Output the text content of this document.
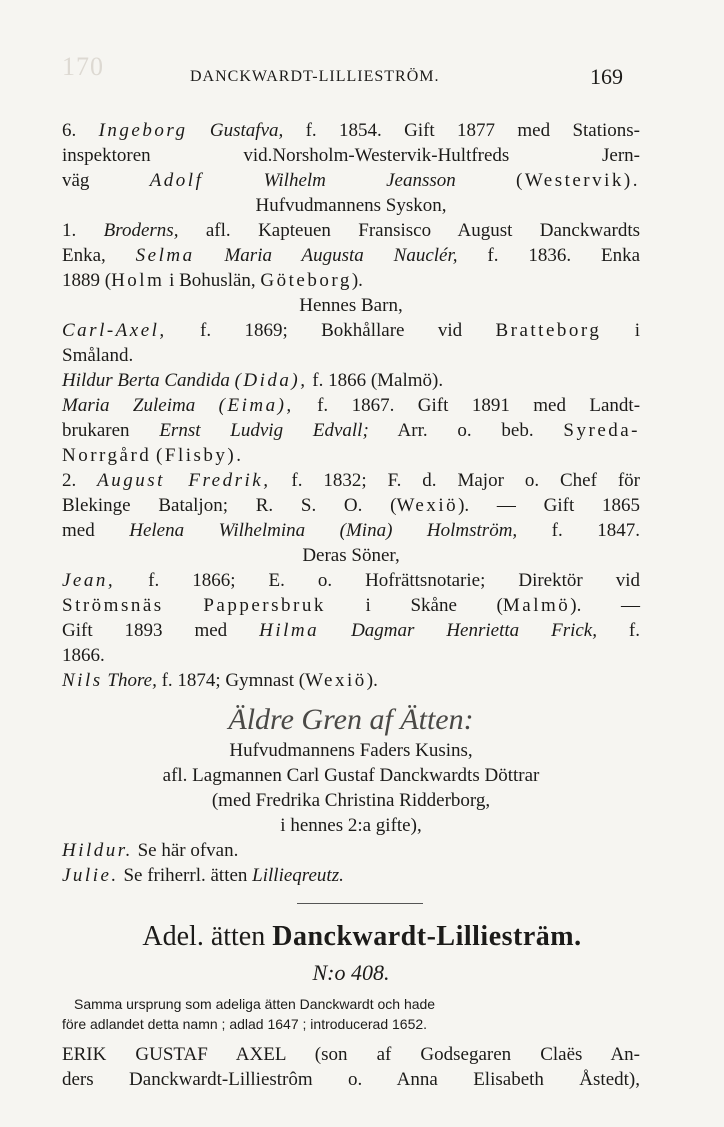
170	DANCKWARDT-LILLIESTRÖM.	169
6. Ingeborg Gustafva, f. 1854. Gift 1877 med Stations-
inspektoren vid.Norsholm-Westervik-Hultfreds Jern-
väg	Adolf	Wilhelm Jeansson	(Westervik).
Hufvudmannens Syskon,
1. Broderns, afl. Kapteuen Fransisco August Danckwardts
Enka, Selma Maria Augusta Nauclér, f. 1836. Enka
1889 (Holm i Bohuslän, Göteborg).
Hennes Barn,
Carl-Axel, f. 1869; Bokhållare vid Bratteborg i
Småland.
Hildur Berta Candida (Dida), f. 1866 (Malmö).
Maria Zuleima (Eima), f. 1867. Gift 1891 med Landt-
brukaren Ernst Ludvig Edvall; Arr. o. beb. Syreda-
Norrgård (Flisby).
2. August Fredrik, f. 1832; F. d. Major o. Chef för
Blekinge Bataljon; R. S. O. (Wexiö). — Gift 1865
med Helena Wilhelmina (Mina) Holmström, f. 1847.
Deras Söner,
Jean, f. 1866; E. o. Hofrättsnotarie; Direktör vid
Strömsnäs Pappersbruk i Skåne (Malmö). —
Gift 1893 med Hilma Dagmar Henrietta Frick, f.
1866.
Nils Thore, f. 1874; Gymnast (Wexiö).
Äldre Gren af Ätten:
Hufvudmannens Faders Kusins,
afl. Lagmannen Carl Gustaf Danckwardts Döttrar
(med Fredrika Christina Ridderborg,
i hennes 2:a gifte),
Hildur. Se här ofvan.
Julie. Se friherrl. ätten Lillieqreutz.
Adel. ätten Danckwardt-Lilliesträm.
N:o 408.
Samma ursprung som adeliga ätten Danckwardt och hade
före adlandet detta namn ; adlad 1647 ; introducerad 1652.
ERIK GUSTAF AXEL (son af Godsegaren Claës An-
ders Danckwardt-Lilliestrôm o. Anna Elisabeth Åstedt),
